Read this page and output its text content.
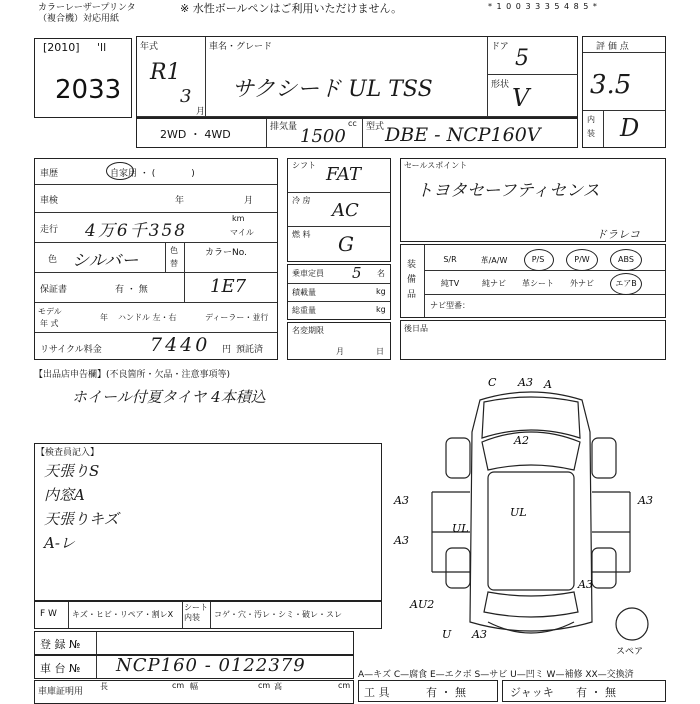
カラーレーザープリンタ
（複合機）対応用紙
※ 水性ボールペンはご利用いただけません。	* 1 0 0 3 3 3 5 4 8 5 *
[2010] 'll
2033
年式
R1
3
月
車名・グレード
サクシード UL TSS
ドア 5
形状 V
評 価 点
3.5
内
装 D
2WD ・ 4WD
排気量	cc
1500 型式 DBE - NCP160V
車歴	自家用 ・ (　　　　)
車検	年	月
走行 4万6千358
km
マイル
色 シルバー
色
替
カラーNo.
1E7
保証書	有 ・ 無
モデル
年 式
年 ハンドル 左・右	ディーラー・並行
リサイクル料金	7440 円 預託済
シフト FAT
冷 房 AC
燃 料 G
乗車定員 5 名
積載量	kg
総重量	kg
名変期限
月	日
セールスポイント
トヨタセーフティセンス
装備品
S/R	革/A/W	P/S	P/W	ABS
純TV	純ナビ	革シート	外ナビ	エアB
ドラレコ
ナビ型番：
後日品
【出品店申告欄】(不良箇所・欠品・注意事項等)
ホイール付夏タイヤ 4本積込
【検査員記入】
天張りS
内窓A
天張りキズ
A-レ
C A3 A
A2
A3
A3
UL
UL
A3
A3
AU2
U A3
スペア
F W キズ・ヒビ・リペア・割レX
シート内装	コゲ・穴・汚レ・シミ・破レ・スレ
登 録 №
車 台 № NCP160 - 0122379	A—キズ C—腐食 E—エクボ S—サビ U—凹ミ W—補修 XX—交換済
車庫証明用
長	cm 幅	cm 高	cm
工 具	有 ・ 無	ジャッキ 有 ・ 無
